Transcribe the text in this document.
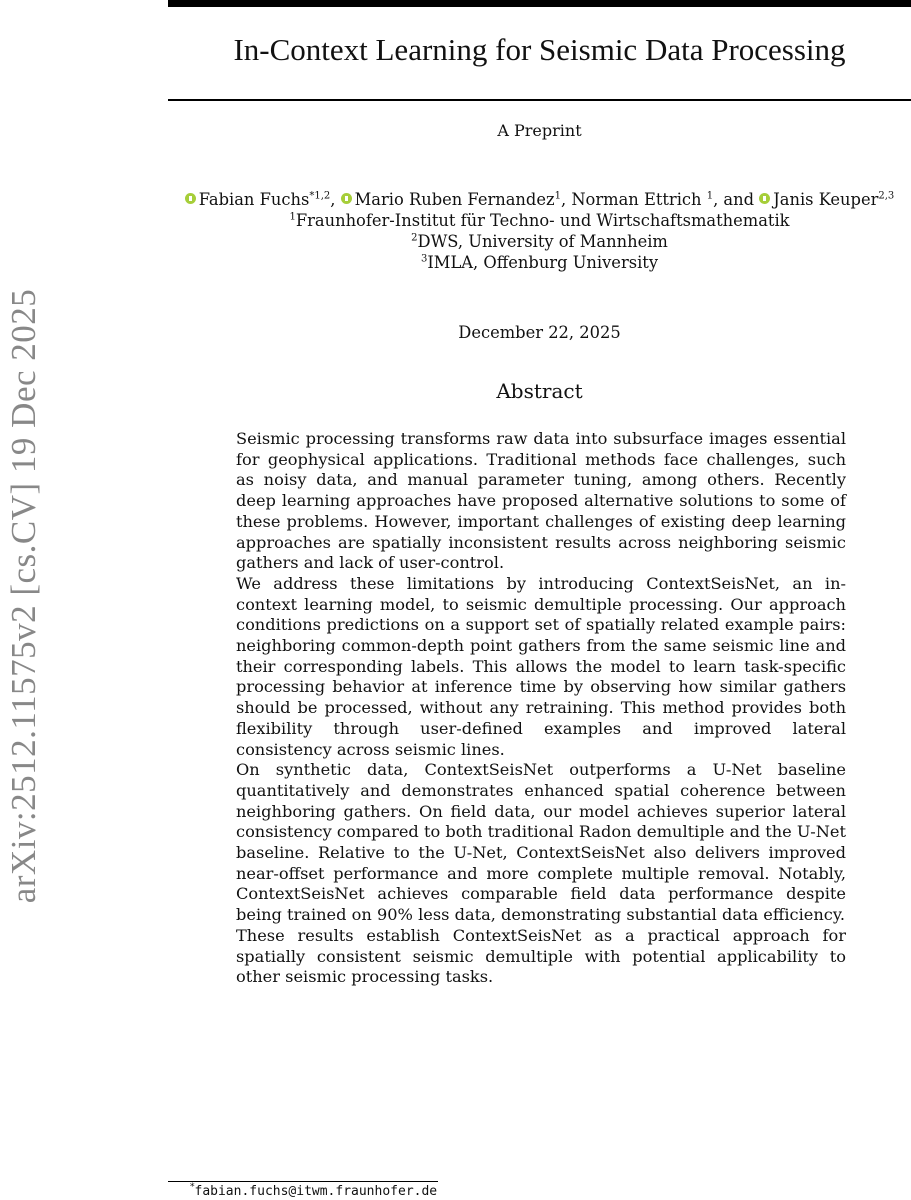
arXiv:2512.11575v2 [cs.CV] 19 Dec 2025
In-Context Learning for Seismic Data Processing
A Preprint
Fabian Fuchs$^{*1,2}$, Mario Ruben Fernandez$^1$, Norman Ettrich $^1$, and Janis Keuper$^{2,3}$
$^1$Fraunhofer-Institut für Techno- und Wirtschaftsmathematik
$^2$DWS, University of Mannheim
$^3$IMLA, Offenburg University
December 22, 2025
Abstract

Seismic processing transforms raw data into subsurface images essential for geophysical applications. Traditional methods face challenges, such as noisy data, and manual parameter tuning, among others. Recently deep learning approaches have proposed alternative solutions to some of these problems. However, important challenges of existing deep learning approaches are spatially inconsistent results across neighboring seismic gathers and lack of user-control.

We address these limitations by introducing ContextSeisNet, an in-context learning model, to seismic demultiple processing. Our approach conditions predictions on a support set of spatially related example pairs: neighboring common-depth point gathers from the same seismic line and their corresponding labels. This allows the model to learn task-specific processing behavior at inference time by observing how similar gathers should be processed, without any retraining. This method provides both flexibility through user-defined examples and improved lateral consistency across seismic lines.

On synthetic data, ContextSeisNet outperforms a U-Net baseline quantitatively and demonstrates enhanced spatial coherence between neighboring gathers. On field data, our model achieves superior lateral consistency compared to both traditional Radon demultiple and the U-Net baseline. Relative to the U-Net, ContextSeisNet also delivers improved near-offset performance and more complete multiple removal. Notably, ContextSeisNet achieves comparable field data performance despite being trained on 90% less data, demonstrating substantial data efficiency.

These results establish ContextSeisNet as a practical approach for spatially consistent seismic demultiple with potential applicability to other seismic processing tasks.

*fabian.fuchs@itwm.fraunhofer.de
